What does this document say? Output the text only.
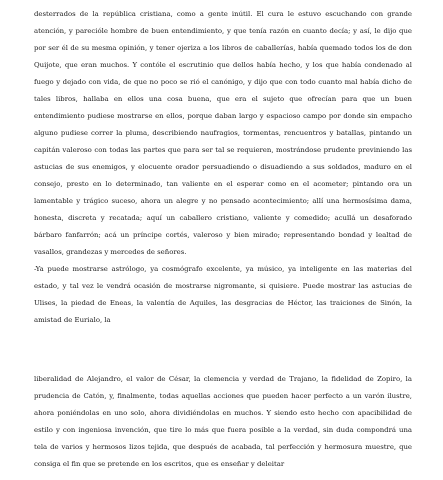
desterrados de la república cristiana, como a gente inútil. El cura le estuvo escuchando con grande atención, y parecióle hombre de buen entendimiento, y que tenía razón en cuanto decía; y así, le dijo que por ser él de su mesma opinión, y tener ojeriza a los libros de caballerías, había quemado todos los de don Quijote, que eran muchos. Y contóle el escrutinio que dellos había hecho, y los que había condenado al fuego y dejado con vida, de que no poco se rió el canónigo, y dijo que con todo cuanto mal había dicho de tales libros, hallaba en ellos una cosa buena, que era el sujeto que ofrecían para que un buen entendimiento pudiese mostrarse en ellos, porque daban largo y espacioso campo por donde sin empacho alguno pudiese correr la pluma, describiendo naufragios, tormentas, rencuentros y batallas, pintando un capitán valeroso con todas las partes que para ser tal se requieren, mostrándose prudente previniendo las astucias de sus enemigos, y elocuente orador persuadiendo o disuadiendo a sus soldados, maduro en el consejo, presto en lo determinado, tan valiente en el esperar como en el acometer; pintando ora un lamentable y trágico suceso, ahora un alegre y no pensado acontecimiento; allí una hermosísima dama, honesta, discreta y recatada; aquí un caballero cristiano, valiente y comedido; acullá un desaforado bárbaro fanfarrón; acá un príncipe cortés, valeroso y bien mirado; representando bondad y lealtad de vasallos, grandezas y mercedes de señores.

-Ya puede mostrarse astrólogo, ya cosmógrafo excelente, ya músico, ya inteligente en las materias del estado, y tal vez le vendrá ocasión de mostrarse nigromante, si quisiere. Puede mostrar las astucias de Ulises, la piedad de Eneas, la valentía de Aquiles, las desgracias de Héctor, las traiciones de Sinón, la amistad de Eurialo, la

liberalidad de Alejandro, el valor de César, la clemencia y verdad de Trajano, la fidelidad de Zopiro, la prudencia de Catón, y, finalmente, todas aquellas acciones que pueden hacer perfecto a un varón ilustre, ahora poniéndolas en uno solo, ahora dividiéndolas en muchos. Y siendo esto hecho con apacibilidad de estilo y con ingeniosa invención, que tire lo más que fuera posible a la verdad, sin duda compondrá una tela de varios y hermosos lizos tejida, que después de acabada, tal perfección y hermosura muestre, que consiga el fin que se pretende en los escritos, que es enseñar y deleitar
